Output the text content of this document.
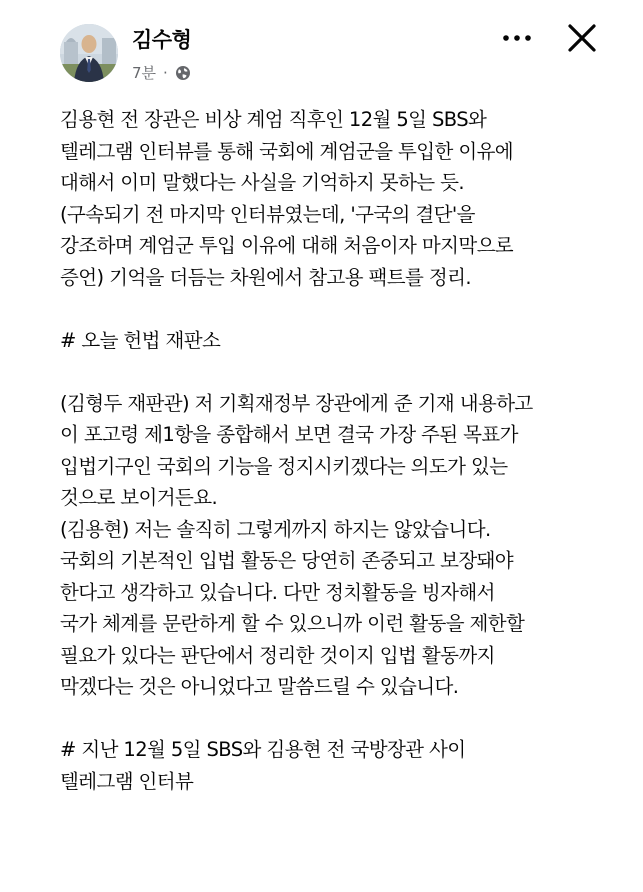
김수형
7분 ·

김용현 전 장관은 비상 계엄 직후인 12월 5일 SBS와
텔레그램 인터뷰를 통해 국회에 계엄군을 투입한 이유에
대해서 이미 말했다는 사실을 기억하지 못하는 듯.
(구속되기 전 마지막 인터뷰였는데, '구국의 결단'을
강조하며 계엄군 투입 이유에 대해 처음이자 마지막으로
증언) 기억을 더듬는 차원에서 참고용 팩트를 정리.

# 오늘 헌법 재판소

(김형두 재판관) 저 기획재정부 장관에게 준 기재 내용하고
이 포고령 제1항을 종합해서 보면 결국 가장 주된 목표가
입법기구인 국회의 기능을 정지시키겠다는 의도가 있는
것으로 보이거든요.
(김용현) 저는 솔직히 그렇게까지 하지는 않았습니다.
국회의 기본적인 입법 활동은 당연히 존중되고 보장돼야
한다고 생각하고 있습니다. 다만 정치활동을 빙자해서
국가 체계를 문란하게 할 수 있으니까 이런 활동을 제한할
필요가 있다는 판단에서 정리한 것이지 입법 활동까지
막겠다는 것은 아니었다고 말씀드릴 수 있습니다.

# 지난 12월 5일 SBS와 김용현 전 국방장관 사이
텔레그램 인터뷰
